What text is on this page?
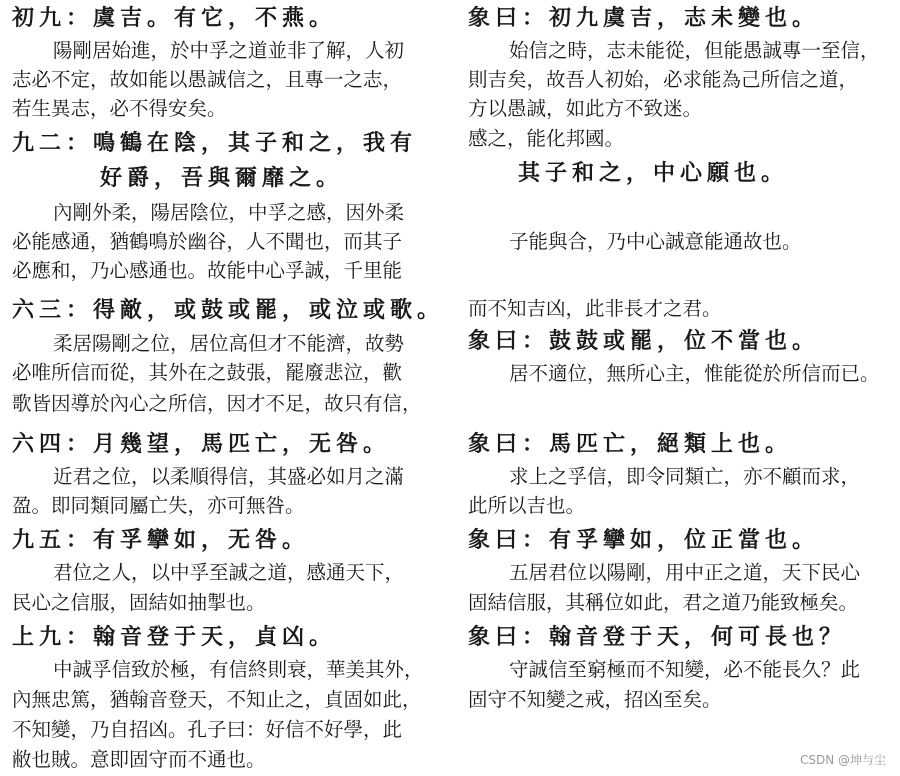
初九：虞吉。有它，不燕。
陽剛居始進，於中孚之道並非了解，人初
志必不定，故如能以愚誠信之，且專一之志，
若生異志，必不得安矣。
九二：鳴鶴在陰，其子和之，我有
好爵，吾與爾靡之。
內剛外柔，陽居陰位，中孚之感，因外柔
必能感通，猶鶴鳴於幽谷，人不聞也，而其子
必應和，乃心感通也。故能中心孚誠，千里能
六三：得敵，或鼓或罷，或泣或歌。
柔居陽剛之位，居位高但才不能濟，故勢
必唯所信而從，其外在之鼓張，罷廢悲泣，歡
歌皆因導於內心之所信，因才不足，故只有信，
六四：月幾望，馬匹亡，无咎。
近君之位，以柔順得信，其盛必如月之滿
盈。即同類同屬亡失，亦可無咎。
九五：有孚攣如，无咎。
君位之人，以中孚至誠之道，感通天下，
民心之信服，固結如抽掣也。
上九：翰音登于天，貞凶。
中誠孚信致於極，有信終則衰，華美其外，
內無忠篤，猶翰音登天，不知止之，貞固如此，
不知變，乃自招凶。孔子曰：好信不好學，此
敝也賊。意即固守而不通也。
象曰：初九虞吉，志未變也。
始信之時，志未能從，但能愚誠專一至信，
則吉矣，故吾人初始，必求能為己所信之道，
方以愚誠，如此方不致迷。
感之，能化邦國。
其子和之，中心願也。
子能與合，乃中心誠意能通故也。
而不知吉凶，此非長才之君。
象曰：鼓鼓或罷，位不當也。
居不適位，無所心主，惟能從於所信而已。
象曰：馬匹亡，絕類上也。
求上之孚信，即令同類亡，亦不顧而求，
此所以吉也。
象曰：有孚攣如，位正當也。
五居君位以陽剛，用中正之道，天下民心
固結信服，其稱位如此，君之道乃能致極矣。
象曰：翰音登于天，何可長也？
守誠信至窮極而不知變，必不能長久？此
固守不知變之戒，招凶至矣。
CSDN @坤与尘
